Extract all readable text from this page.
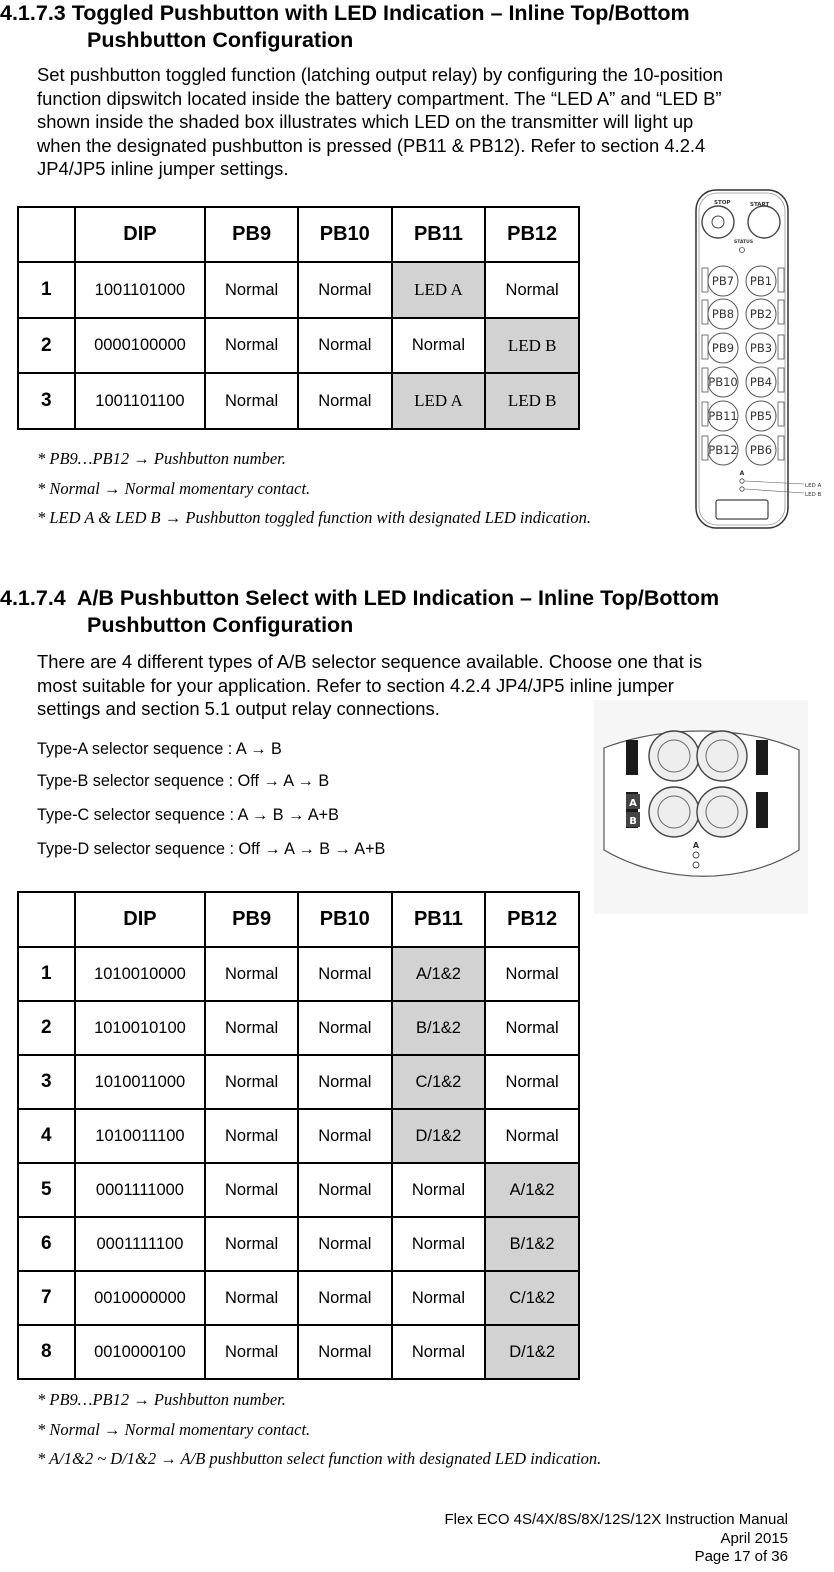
4.1.7.3 Toggled Pushbutton with LED Indication – Inline Top/Bottom
Pushbutton Configuration
Set pushbutton toggled function (latching output relay) by configuring the 10-position
function dipswitch located inside the battery compartment. The “LED A” and “LED B”
shown inside the shaded box illustrates which LED on the transmitter will light up
when the designated pushbutton is pressed (PB11 & PB12). Refer to section 4.2.4
JP4/JP5 inline jumper settings.
	DIP	PB9	PB10	PB11	PB12
1	1001101000	Normal	Normal	LED A	Normal
2	0000100000	Normal	Normal	Normal	LED B
3	1001101100	Normal	Normal	LED A	LED B
* PB9…PB12 → Pushbutton number.
* Normal → Normal momentary contact.
* LED A & LED B → Pushbutton toggled function with designated LED indication.
STOP	START
STATUS
PB7 PB1
PB8 PB2
PB9 PB3
PB10 PB4
PB11 PB5
PB12 PB6
A
LED A
LED B
4.1.7.4 A/B Pushbutton Select with LED Indication – Inline Top/Bottom
Pushbutton Configuration
There are 4 different types of A/B selector sequence available. Choose one that is
most suitable for your application. Refer to section 4.2.4 JP4/JP5 inline jumper
settings and section 5.1 output relay connections.
Type-A selector sequence : A → B
Type-B selector sequence : Off → A → B
Type-C selector sequence : A → B → A+B
Type-D selector sequence : Off → A → B → A+B
A
B
A
	DIP	PB9	PB10	PB11	PB12
1	1010010000	Normal	Normal	A/1&2	Normal
2	1010010100	Normal	Normal	B/1&2	Normal
3	1010011000	Normal	Normal	C/1&2	Normal
4	1010011100	Normal	Normal	D/1&2	Normal
5	0001111000	Normal	Normal	Normal	A/1&2
6	0001111100	Normal	Normal	Normal	B/1&2
7	0010000000	Normal	Normal	Normal	C/1&2
8	0010000100	Normal	Normal	Normal	D/1&2
* PB9…PB12 → Pushbutton number.
* Normal → Normal momentary contact.
* A/1&2 ~ D/1&2 → A/B pushbutton select function with designated LED indication.
Flex ECO 4S/4X/8S/8X/12S/12X Instruction Manual
April 2015
Page 17 of 36
